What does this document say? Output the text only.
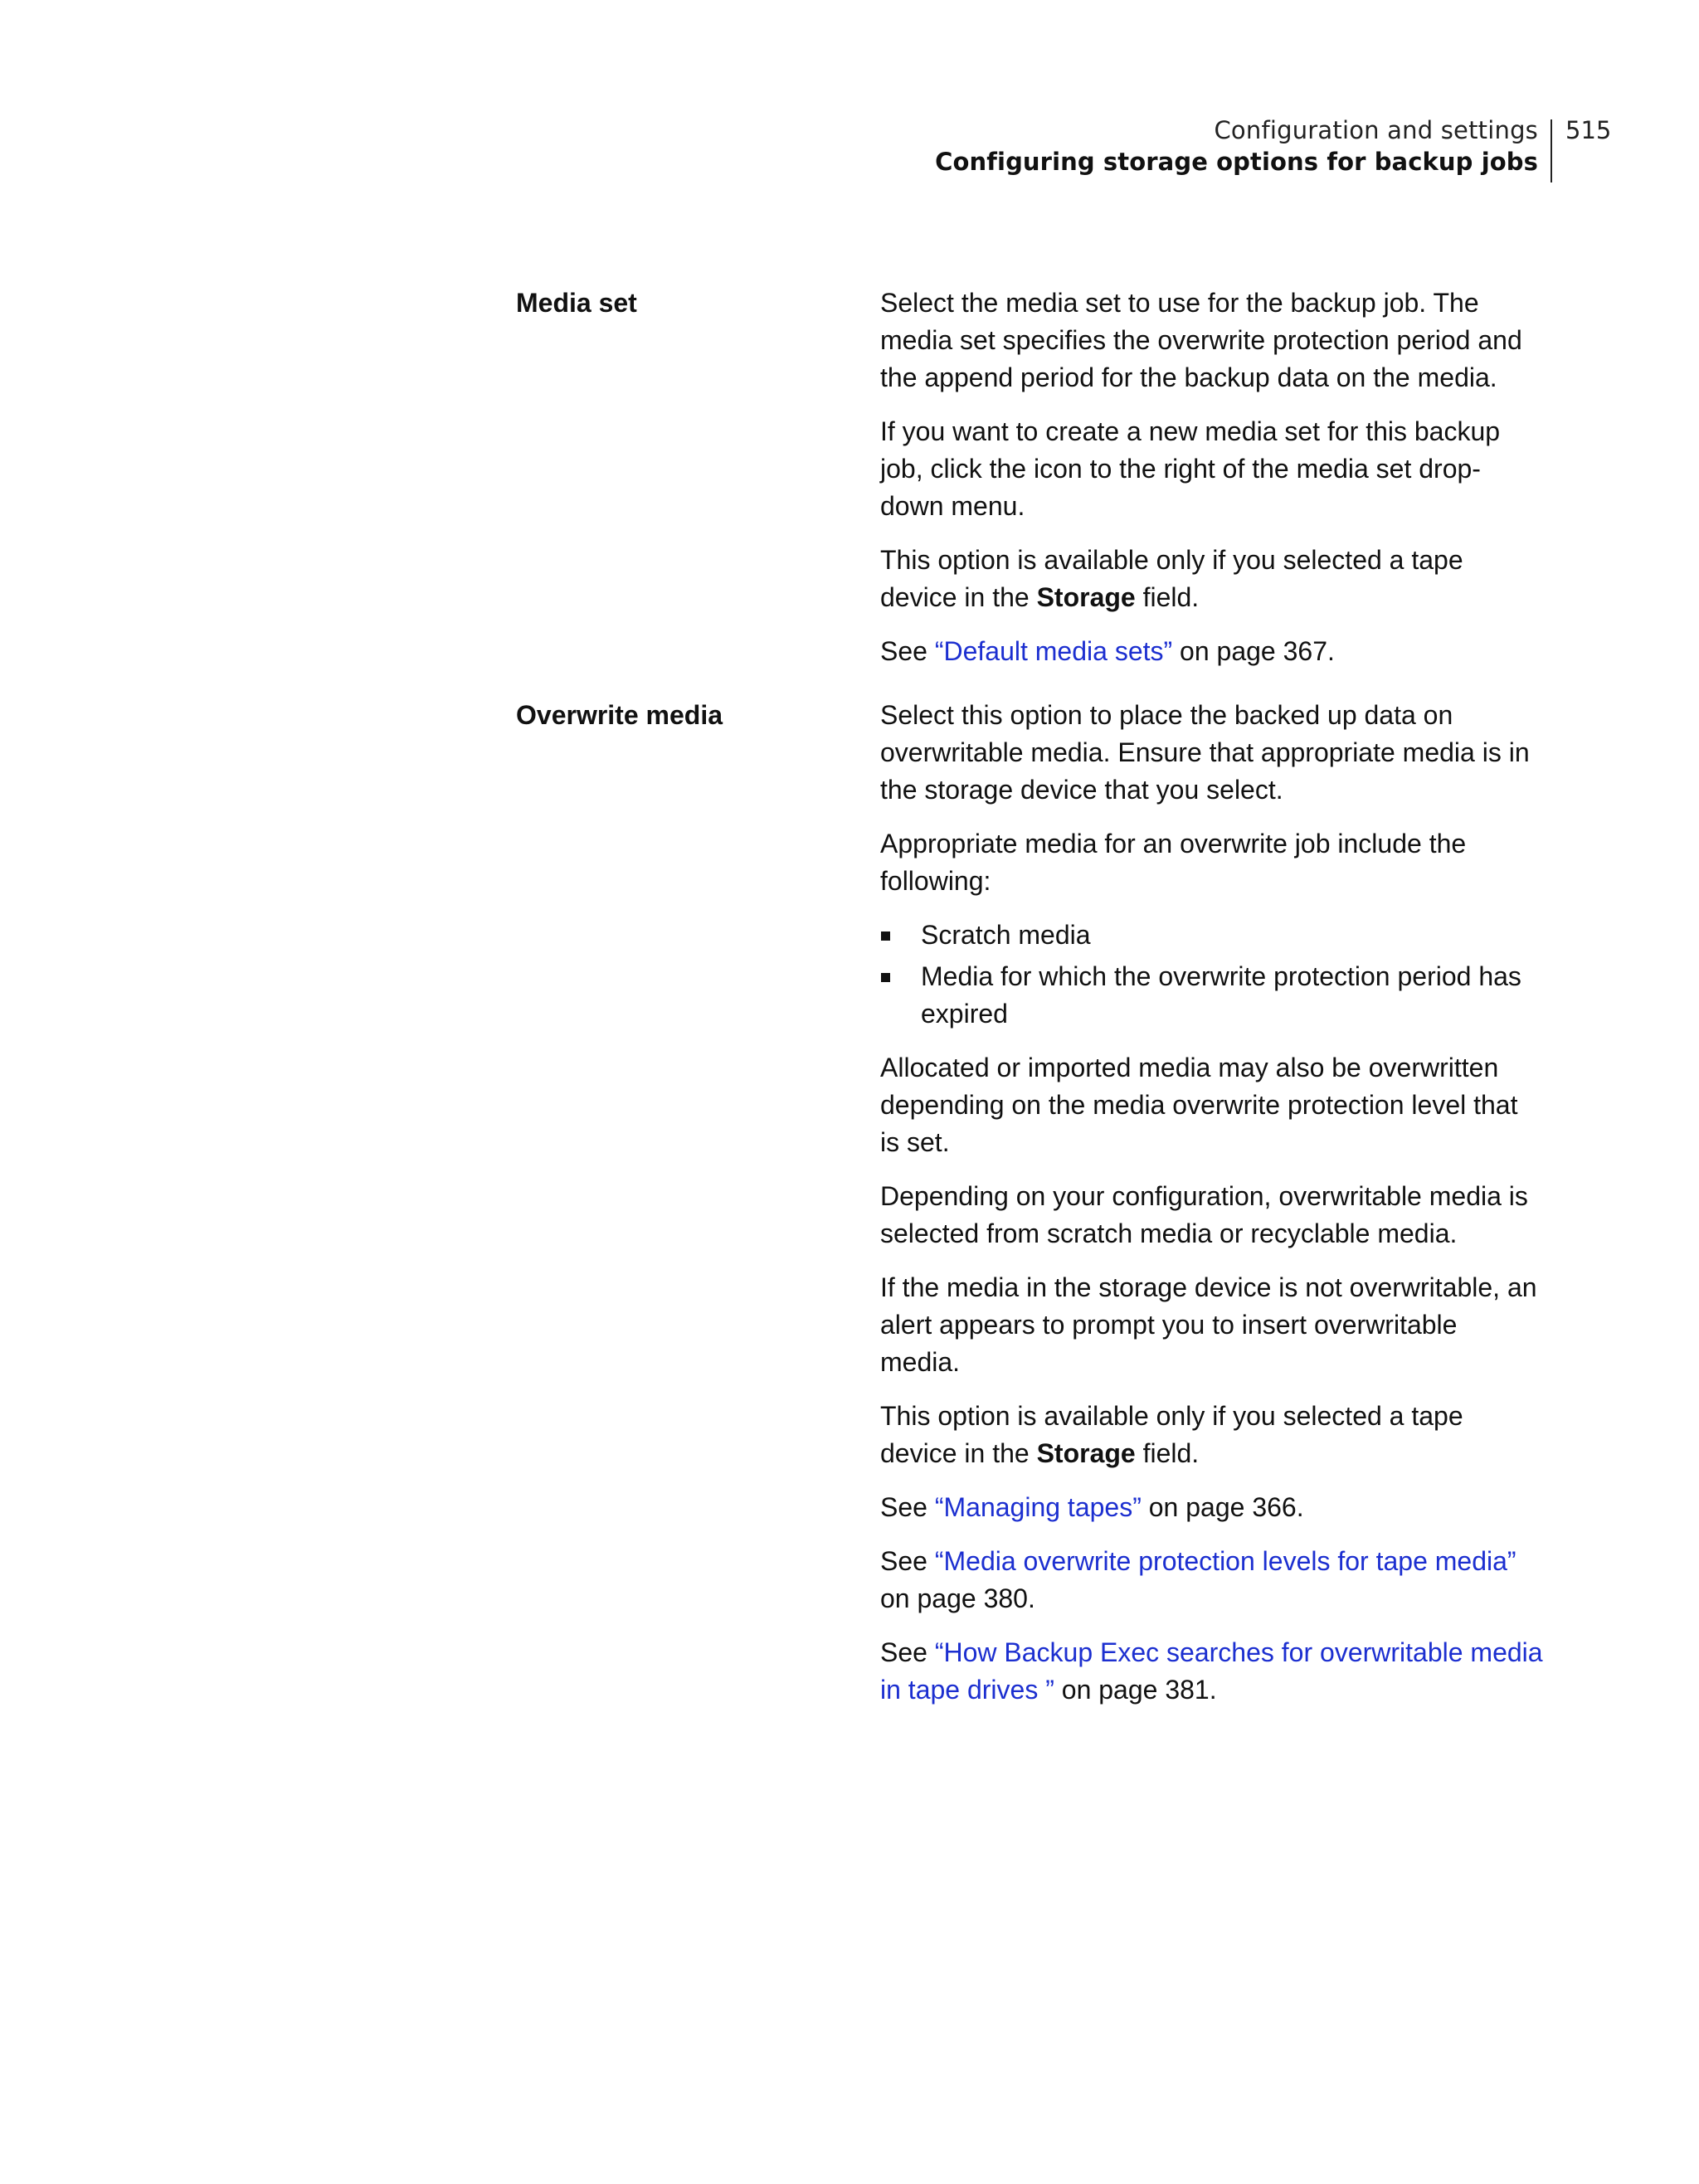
Configuration and settings
Configuring storage options for backup jobs
515
Media set	Select the media set to use for the backup job. The media set specifies the overwrite protection period and the append period for the backup data on the media.

If you want to create a new media set for this backup job, click the icon to the right of the media set drop-down menu.

This option is available only if you selected a tape device in the Storage field.

See “Default media sets” on page 367.

Overwrite media	Select this option to place the backed up data on overwritable media. Ensure that appropriate media is in the storage device that you select.

Appropriate media for an overwrite job include the following:

Scratch media
Media for which the overwrite protection period has expired

Allocated or imported media may also be overwritten depending on the media overwrite protection level that is set.

Depending on your configuration, overwritable media is selected from scratch media or recyclable media.

If the media in the storage device is not overwritable, an alert appears to prompt you to insert overwritable media.

This option is available only if you selected a tape device in the Storage field.

See “Managing tapes” on page 366.

See “Media overwrite protection levels for tape media” on page 380.

See “How Backup Exec searches for overwritable media in tape drives ” on page 381.
